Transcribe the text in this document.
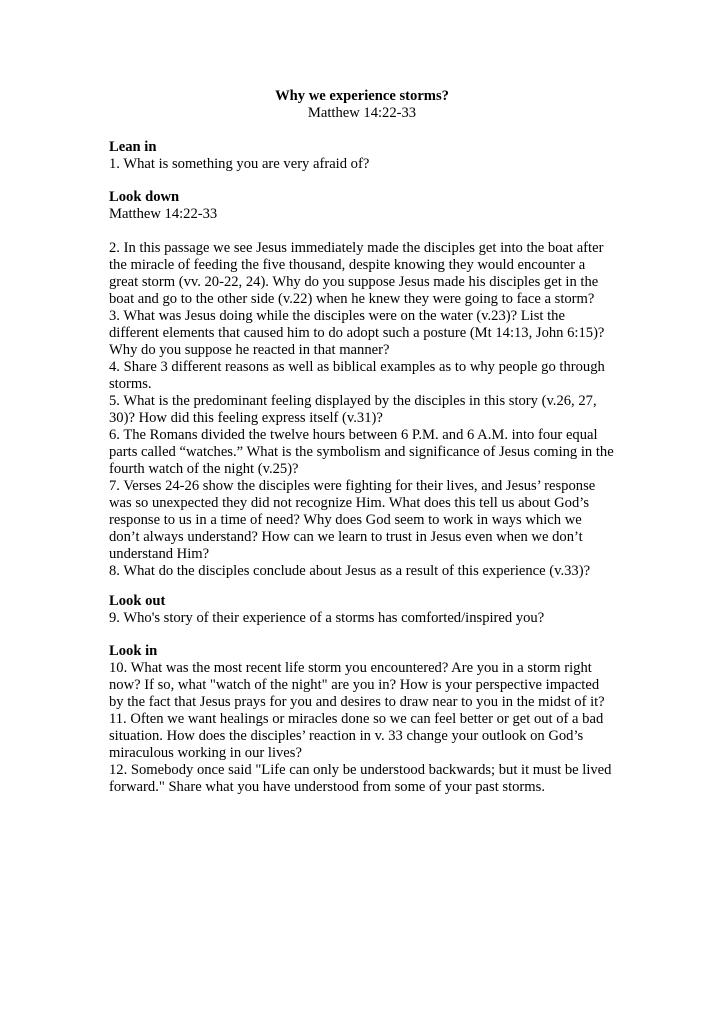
Why we experience storms?
Matthew 14:22-33
Lean in
1. What is something you are very afraid of?
Look down
Matthew 14:22-33
2. In this passage we see Jesus immediately made the disciples get into the boat after
the miracle of feeding the five thousand, despite knowing they would encounter a
great storm (vv. 20-22, 24). Why do you suppose Jesus made his disciples get in the
boat and go to the other side (v.22) when he knew they were going to face a storm?
3. What was Jesus doing while the disciples were on the water (v.23)? List the
different elements that caused him to do adopt such a posture (Mt 14:13, John 6:15)?
Why do you suppose he reacted in that manner?
4. Share 3 different reasons as well as biblical examples as to why people go through
storms.
5. What is the predominant feeling displayed by the disciples in this story (v.26, 27,
30)? How did this feeling express itself (v.31)?
6. The Romans divided the twelve hours between 6 P.M. and 6 A.M. into four equal
parts called “watches.” What is the symbolism and significance of Jesus coming in the
fourth watch of the night (v.25)?
7. Verses 24-26 show the disciples were fighting for their lives, and Jesus’ response
was so unexpected they did not recognize Him. What does this tell us about God’s
response to us in a time of need? Why does God seem to work in ways which we
don’t always understand? How can we learn to trust in Jesus even when we don’t
understand Him?
8. What do the disciples conclude about Jesus as a result of this experience (v.33)?
Look out
9. Who's story of their experience of a storms has comforted/inspired you?
Look in
10. What was the most recent life storm you encountered? Are you in a storm right
now? If so, what "watch of the night" are you in? How is your perspective impacted
by the fact that Jesus prays for you and desires to draw near to you in the midst of it?
11. Often we want healings or miracles done so we can feel better or get out of a bad
situation. How does the disciples’ reaction in v. 33 change your outlook on God’s
miraculous working in our lives?
12. Somebody once said "Life can only be understood backwards; but it must be lived
forward." Share what you have understood from some of your past storms.
